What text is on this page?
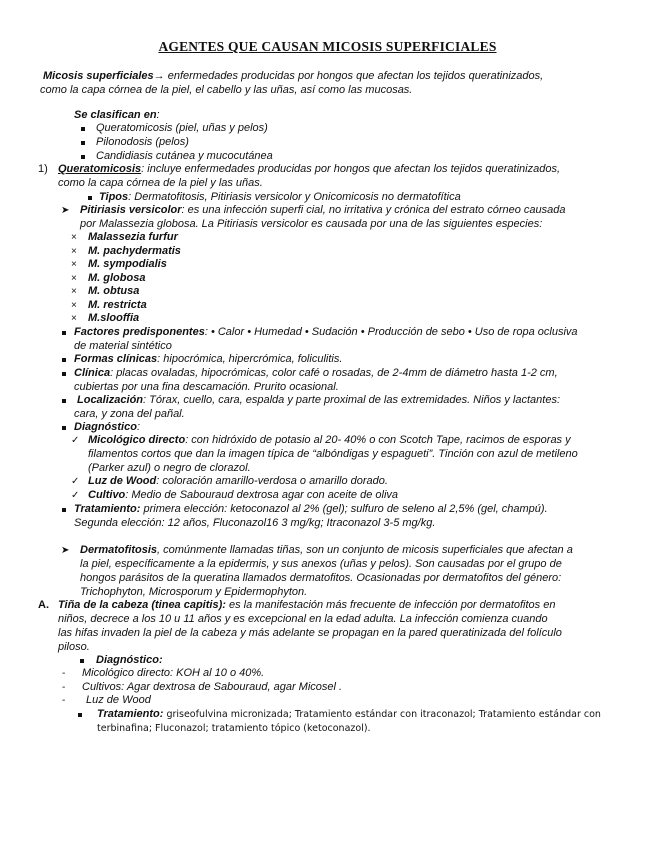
AGENTES QUE CAUSAN MICOSIS SUPERFICIALES
Micosis superficiales→ enfermedades producidas por hongos que afectan los tejidos queratinizados,
como la capa córnea de la piel, el cabello y las uñas, así como las mucosas.
Se clasifican en:
Queratomicosis (piel, uñas y pelos)
Pilonodosis (pelos)
Candidiasis cutánea y mucocutánea
1) Queratomicosis: incluye enfermedades producidas por hongos que afectan los tejidos queratinizados,
como la capa córnea de la piel y las uñas.
Tipos: Dermatofitosis, Pitiriasis versicolor y Onicomicosis no dermatofítica
➤ Pitiriasis versicolor: es una infección superfi cial, no irritativa y crónica del estrato córneo causada
por Malassezia globosa. La Pitiriasis versicolor es causada por una de las siguientes especies:
× Malassezia furfur
× M. pachydermatis
× M. sympodialis
× M. globosa
× M. obtusa
× M. restricta
× M.slooffia
Factores predisponentes: • Calor • Humedad • Sudación • Producción de sebo • Uso de ropa oclusiva
de material sintético
Formas clínicas: hipocrómica, hipercrómica, foliculitis.
Clínica: placas ovaladas, hipocrómicas, color café o rosadas, de 2-4mm de diámetro hasta 1-2 cm,
cubiertas por una fina descamación. Prurito ocasional.
Localización: Tórax, cuello, cara, espalda y parte proximal de las extremidades. Niños y lactantes:
cara, y zona del pañal.
Diagnóstico:
✓ Micológico directo: con hidróxido de potasio al 20- 40% o con Scotch Tape, racimos de esporas y
filamentos cortos que dan la imagen típica de “albóndigas y espagueti”. Tinción con azul de metileno
(Parker azul) o negro de clorazol.
✓ Luz de Wood: coloración amarillo-verdosa o amarillo dorado.
✓ Cultivo: Medio de Sabouraud dextrosa agar con aceite de oliva
Tratamiento: primera elección: ketoconazol al 2% (gel); sulfuro de seleno al 2,5% (gel, champú).
Segunda elección: 12 años, Fluconazol16 3 mg/kg; Itraconazol 3-5 mg/kg.
➤ Dermatofitosis, comúnmente llamadas tiñas, son un conjunto de micosis superficiales que afectan a
la piel, específicamente a la epidermis, y sus anexos (uñas y pelos). Son causadas por el grupo de
hongos parásitos de la queratina llamados dermatofitos. Ocasionadas por dermatofitos del género:
Trichophyton, Microsporum y Epidermophyton.
A. Tiña de la cabeza (tinea capitis): es la manifestación más frecuente de infección por dermatofitos en
niños, decrece a los 10 u 11 años y es excepcional en la edad adulta. La infección comienza cuando
las hifas invaden la piel de la cabeza y más adelante se propagan en la pared queratinizada del folículo
piloso.
Diagnóstico:
- Micológico directo: KOH al 10 o 40%.
- Cultivos: Agar dextrosa de Sabouraud, agar Micosel .
- Luz de Wood
Tratamiento: griseofulvina micronizada; Tratamiento estándar con itraconazol; Tratamiento estándar con
terbinafina; Fluconazol; tratamiento tópico (ketoconazol).
